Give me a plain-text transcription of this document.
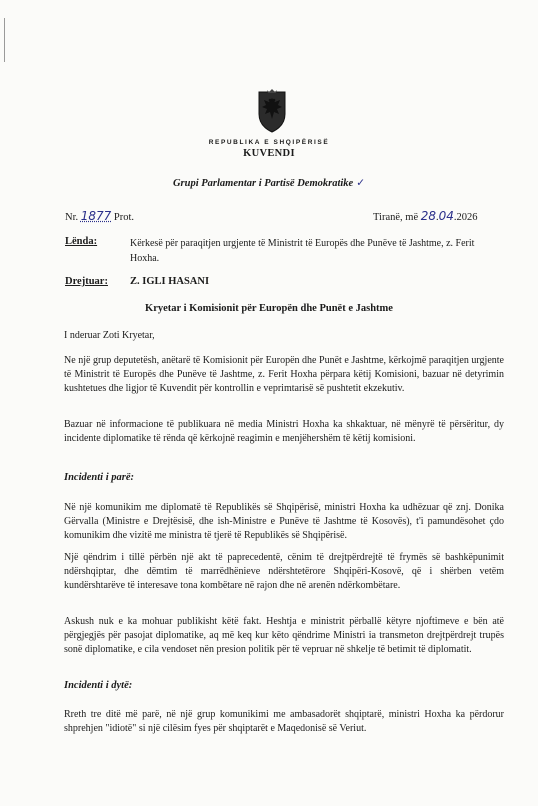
REPUBLIKA E SHQIPËRISË
KUVENDI
Grupi Parlamentar i Partisë Demokratike ✓
Nr. 1877 Prot.	Tiranë, më 28.04.2026
Lënda:	Kërkesë për paraqitjen urgjente të Ministrit të Europës dhe Punëve të Jashtme, z. Ferit Hoxha.
Drejtuar: Z. IGLI HASANI
Kryetar i Komisionit për Europën dhe Punët e Jashtme

I nderuar Zoti Kryetar,

Ne një grup deputetësh, anëtarë të Komisionit për Europën dhe Punët e Jashtme, kërkojmë paraqitjen urgjente të Ministrit të Europës dhe Punëve të Jashtme, z. Ferit Hoxha përpara këtij Komisioni, bazuar në detyrimin kushtetues dhe ligjor të Kuvendit për kontrollin e veprimtarisë së pushtetit ekzekutiv.

Bazuar në informacione të publikuara në media Ministri Hoxha ka shkaktuar, në mënyrë të përsëritur, dy incidente diplomatike të rënda që kërkojnë reagimin e menjëhershëm të këtij komisioni.

Incidenti i parë:

Në një komunikim me diplomatë të Republikës së Shqipërisë, ministri Hoxha ka udhëzuar që znj. Donika Gërvalla (Ministre e Drejtësisë, dhe ish-Ministre e Punëve të Jashtme të Kosovës), t'i pamundësohet çdo komunikim dhe vizitë me ministra të tjerë të Republikës së Shqipërisë.

Një qëndrim i tillë përbën një akt të paprecedentë, cënim të drejtpërdrejtë të frymës së bashkëpunimit ndërshqiptar, dhe dëmtim të marrëdhënieve ndërshtetërore Shqipëri-Kosovë, që i shërben vetëm kundërshtarëve të interesave tona kombëtare në rajon dhe në arenën ndërkombëtare.

Askush nuk e ka mohuar publikisht këtë fakt. Heshtja e ministrit përballë këtyre njoftimeve e bën atë përgjegjës për pasojat diplomatike, aq më keq kur këto qëndrime Ministri ia transmeton drejtpërdrejt trupës sonë diplomatike, e cila vendoset nën presion politik për të vepruar në shkelje të betimit të diplomatit.

Incidenti i dytë:

Rreth tre ditë më parë, në një grup komunikimi me ambasadorët shqiptarë, ministri Hoxha ka përdorur shprehjen "idiotë" si një cilësim fyes për shqiptarët e Maqedonisë së Veriut.
